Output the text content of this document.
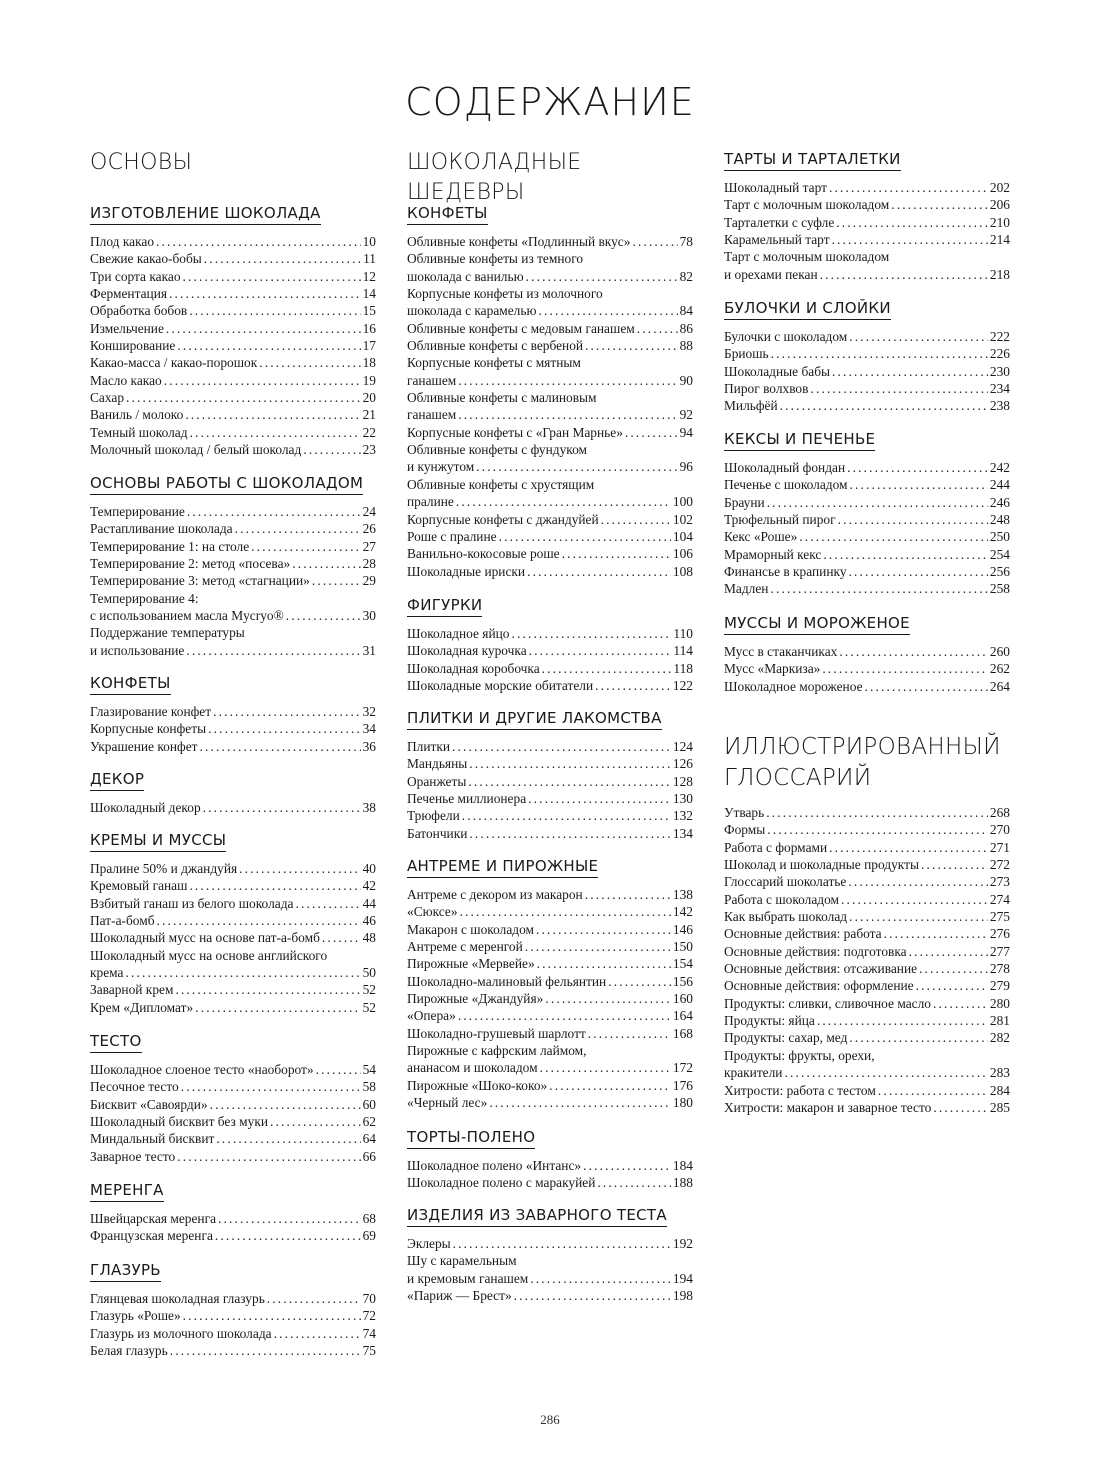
СОДЕРЖАНИЕ
ОСНОВЫ
ИЗГОТОВЛЕНИЕ ШОКОЛАДА
Плод какао . . .	10
Свежие какао-бобы . . .	11
Три сорта какао . . .	12
Ферментация . . .	14
Обработка бобов . . .	15
Измельчение . . .	16
Конширование . . .	17
Какао-масса / какао-порошок . . .	18
Масло какао . . .	19
Сахар . . .	20
Ваниль / молоко . . .	21
Темный шоколад . . .	22
Молочный шоколад / белый шоколад . . .	23
ОСНОВЫ РАБОТЫ С ШОКОЛАДОМ
Темперирование . . .	24
Растапливание шоколада . . .	26
Темперирование 1: на столе . . .	27
Темперирование 2: метод «посева» . . .	28
Темперирование 3: метод «стагнации» . . .	29
Темперирование 4:
с использованием масла Mycryo® . . .	30
Поддержание температуры
и использование . . .	31
КОНФЕТЫ
Глазирование конфет . . .	32
Корпусные конфеты . . .	34
Украшение конфет . . .	36
ДЕКОР
Шоколадный декор . . .	38
КРЕМЫ И МУССЫ
Пралине 50% и джандуйя . . .	40
Кремовый ганаш . . .	42
Взбитый ганаш из белого шоколада . . .	44
Пат-а-бомб . . .	46
Шоколадный мусс на основе пат-а-бомб . . .	48
Шоколадный мусс на основе английского
крема . . .	50
Заварной крем . . .	52
Крем «Дипломат» . . .	52
ТЕСТО
Шоколадное слоеное тесто «наоборот» . . .	54
Песочное тесто . . .	58
Бисквит «Савоярди» . . .	60
Шоколадный бисквит без муки . . .	62
Миндальный бисквит . . .	64
Заварное тесто . . .	66
МЕРЕНГА
Швейцарская меренга . . .	68
Французская меренга . . .	69
ГЛАЗУРЬ
Глянцевая шоколадная глазурь . . .	70
Глазурь «Роше» . . .	72
Глазурь из молочного шоколада . . .	74
Белая глазурь . . .	75
ШОКОЛАДНЫЕ ШЕДЕВРЫ
КОНФЕТЫ
Обливные конфеты «Подлинный вкус» . . .	78
Обливные конфеты из темного
шоколада с ванилью . . .	82
Корпусные конфеты из молочного
шоколада с карамелью . . .	84
Обливные конфеты с медовым ганашем . . .	86
Обливные конфеты с вербеной . . .	88
Корпусные конфеты с мятным
ганашем . . .	90
Обливные конфеты с малиновым
ганашем . . .	92
Корпусные конфеты с «Гран Марнье» . . .	94
Обливные конфеты с фундуком
и кунжутом . . .	96
Обливные конфеты с хрустящим
пралине . . .	100
Корпусные конфеты с джандуйей . . .	102
Роше с пралине . . .	104
Ванильно-кокосовые роше . . .	106
Шоколадные ириски . . .	108
ФИГУРКИ
Шоколадное яйцо . . .	110
Шоколадная курочка . . .	114
Шоколадная коробочка . . .	118
Шоколадные морские обитатели . . .	122
ПЛИТКИ И ДРУГИЕ ЛАКОМСТВА
Плитки . . .	124
Мандьяны . . .	126
Оранжеты . . .	128
Печенье миллионера . . .	130
Трюфели . . .	132
Батончики . . .	134
АНТРЕМЕ И ПИРОЖНЫЕ
Антреме с декором из макарон . . .	138
«Сюксе» . . .	142
Макарон с шоколадом . . .	146
Антреме с меренгой . . .	150
Пирожные «Мервейе» . . .	154
Шоколадно-малиновый фельянтин . . .	156
Пирожные «Джандуйя» . . .	160
«Опера» . . .	164
Шоколадно-грушевый шарлотт . . .	168
Пирожные с кафрским лаймом,
ананасом и шоколадом . . .	172
Пирожные «Шоко-коко» . . .	176
«Черный лес» . . .	180
ТОРТЫ-ПОЛЕНО
Шоколадное полено «Интанс» . . .	184
Шоколадное полено с маракуйей . . .	188
ИЗДЕЛИЯ ИЗ ЗАВАРНОГО ТЕСТА
Эклеры . . .	192
Шу с карамельным
и кремовым ганашем . . .	194
«Париж — Брест» . . .	198
ТАРТЫ И ТАРТАЛЕТКИ
Шоколадный тарт . . .	202
Тарт с молочным шоколадом . . .	206
Тарталетки с суфле . . .	210
Карамельный тарт . . .	214
Тарт с молочным шоколадом
и орехами пекан . . .	218
БУЛОЧКИ И СЛОЙКИ
Булочки с шоколадом . . .	222
Бриошь . . .	226
Шоколадные бабы . . .	230
Пирог волхвов . . .	234
Мильфёй . . .	238
КЕКСЫ И ПЕЧЕНЬЕ
Шоколадный фондан . . .	242
Печенье с шоколадом . . .	244
Брауни . . .	246
Трюфельный пирог . . .	248
Кекс «Роше» . . .	250
Мраморный кекс . . .	254
Финансье в крапинку . . .	256
Мадлен . . .	258
МУССЫ И МОРОЖЕНОЕ
Мусс в стаканчиках . . .	260
Мусс «Маркиза» . . .	262
Шоколадное мороженое . . .	264
ИЛЛЮСТРИРОВАННЫЙ ГЛОССАРИЙ
Утварь . . .	268
Формы . . .	270
Работа с формами . . .	271
Шоколад и шоколадные продукты . . .	272
Глоссарий шоколатье . . .	273
Работа с шоколадом . . .	274
Как выбрать шоколад . . .	275
Основные действия: работа . . .	276
Основные действия: подготовка . . .	277
Основные действия: отсаживание . . .	278
Основные действия: оформление . . .	279
Продукты: сливки, сливочное масло . . .	280
Продукты: яйца . . .	281
Продукты: сахар, мед . . .	282
Продукты: фрукты, орехи,
кракители . . .	283
Хитрости: работа с тестом . . .	284
Хитрости: макарон и заварное тесто . . .	285
286
